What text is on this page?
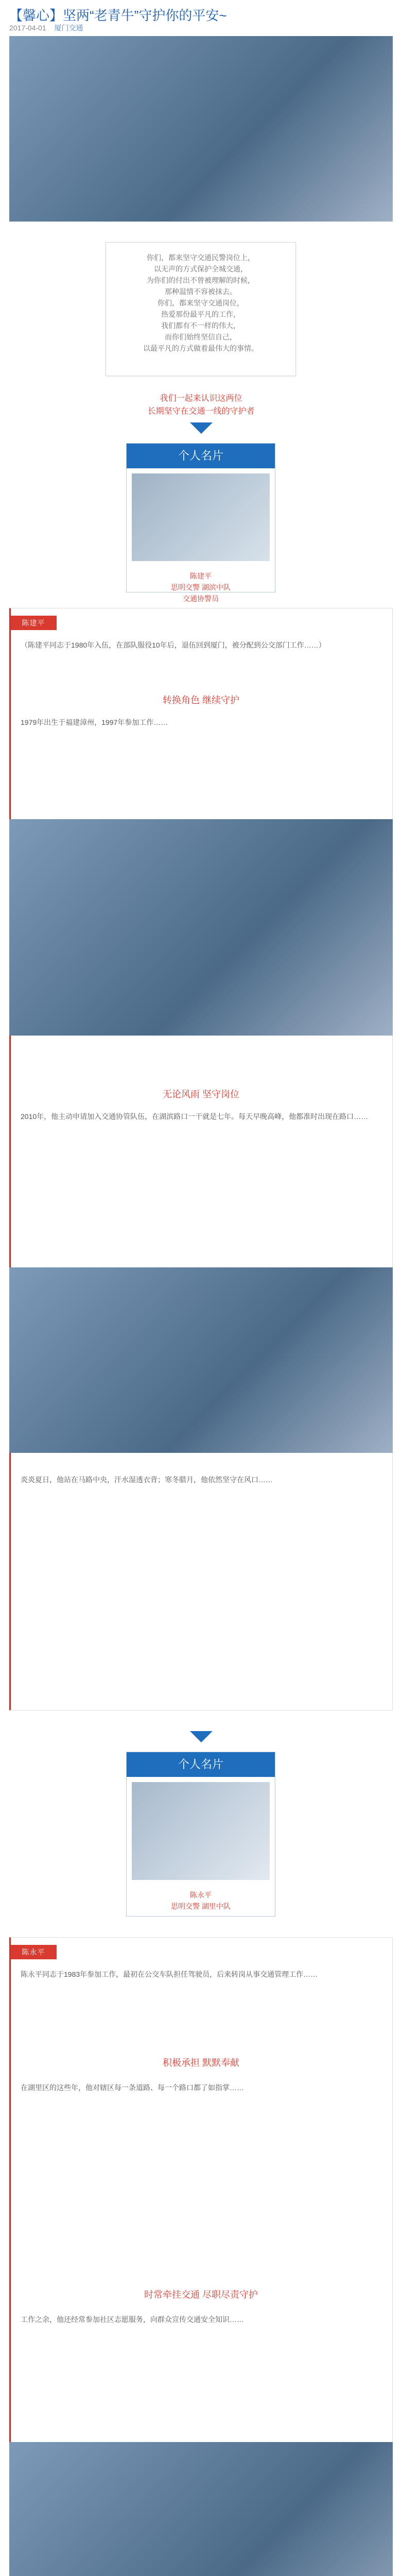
【馨心】坚两“老青牛”守护你的平安~
2017-04-01 厦门交通
你们，都来坚守交通民警岗位上，
以无声的方式保护全城交通，
为你们的付出不曾被理解的时候，
那种温情不容被抹去。
你们，都来坚守交通岗位，
热爱那份最平凡的工作，
我们都有不一样的伟大，
而你们始终坚信自己，
以最平凡的方式做着最伟大的事情。
我们一起来认识这两位
长期坚守在交通一线的守护者
个人名片
陈建平
思明交警 湖滨中队
交通协警员
陈建平
（陈建平同志于1980年入伍，在部队服役10年后，退伍回到厦门，被分配到公交部门工作……）
转换角色 继续守护
1979年出生于福建漳州，1997年参加工作……
无论风雨 坚守岗位
2010年，他主动申请加入交通协管队伍，在湖滨路口一干就是七年。每天早晚高峰，他都准时出现在路口……
炎炎夏日，他站在马路中央，汗水湿透衣背；寒冬腊月，他依然坚守在风口……
个人名片
陈永平
思明交警 湖里中队
陈永平
陈永平同志于1983年参加工作，最初在公交车队担任驾驶员，后来转岗从事交通管理工作……
积极承担 默默奉献
在湖里区的这些年，他对辖区每一条道路、每一个路口都了如指掌……
时常牵挂交通 尽职尽责守护
工作之余，他还经常参加社区志愿服务，向群众宣传交通安全知识……
